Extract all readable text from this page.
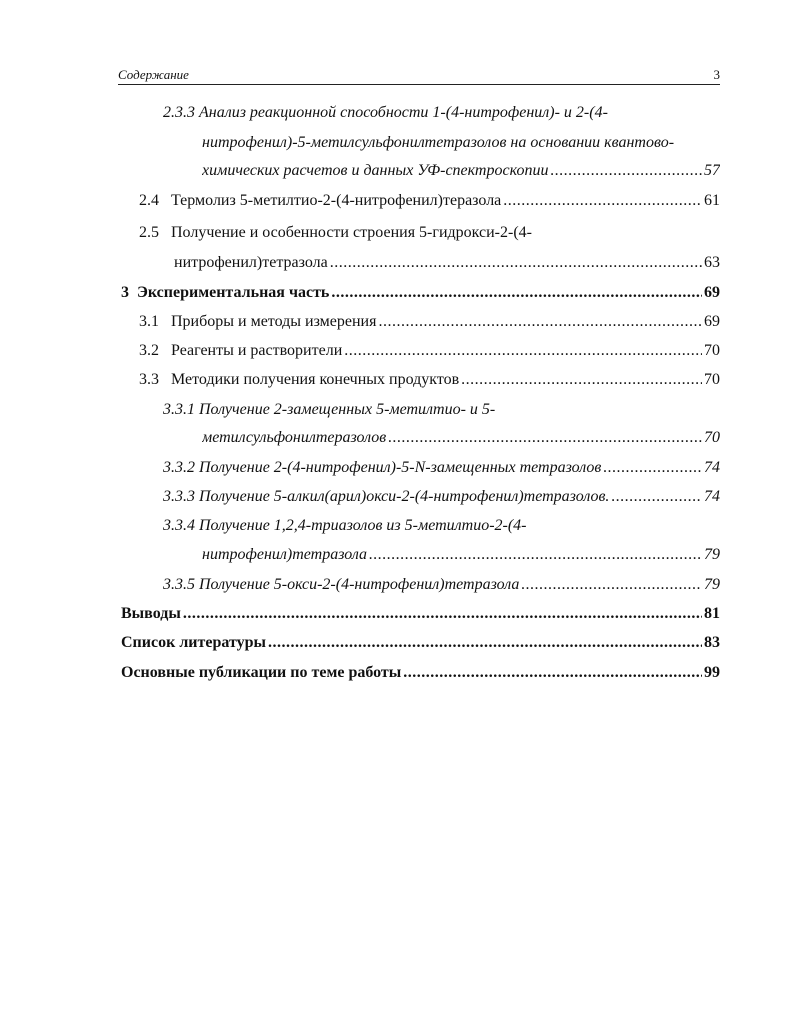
Содержание	3
2.3.3 Анализ реакционной способности 1-(4-нитрофенил)- и 2-(4-
нитрофенил)-5-метилсульфонилтетразолов на основании квантово-
химических расчетов и данных УФ-спектроскопии .....	57
2.4 Термолиз 5-метилтио-2-(4-нитрофенил)теразола .....	61
2.5 Получение и особенности строения 5-гидрокси-2-(4-
нитрофенил)тетразола .....	63
3 Экспериментальная часть .....	69
3.1 Приборы и методы измерения .....	69
3.2 Реагенты и растворители .....	70
3.3 Методики получения конечных продуктов .....	70
3.3.1 Получение 2-замещенных 5-метилтио- и 5-
метилсульфонилтеразолов .....	70
3.3.2 Получение 2-(4-нитрофенил)-5-N-замещенных тетразолов .....	74
3.3.3 Получение 5-алкил(арил)окси-2-(4-нитрофенил)тетразолов. .....	74
3.3.4 Получение 1,2,4-триазолов из 5-метилтио-2-(4-
нитрофенил)тетразола .....	79
3.3.5 Получение 5-окси-2-(4-нитрофенил)тетразола .....	79
Выводы .....	81
Список литературы .....	83
Основные публикации по теме работы .....	99
